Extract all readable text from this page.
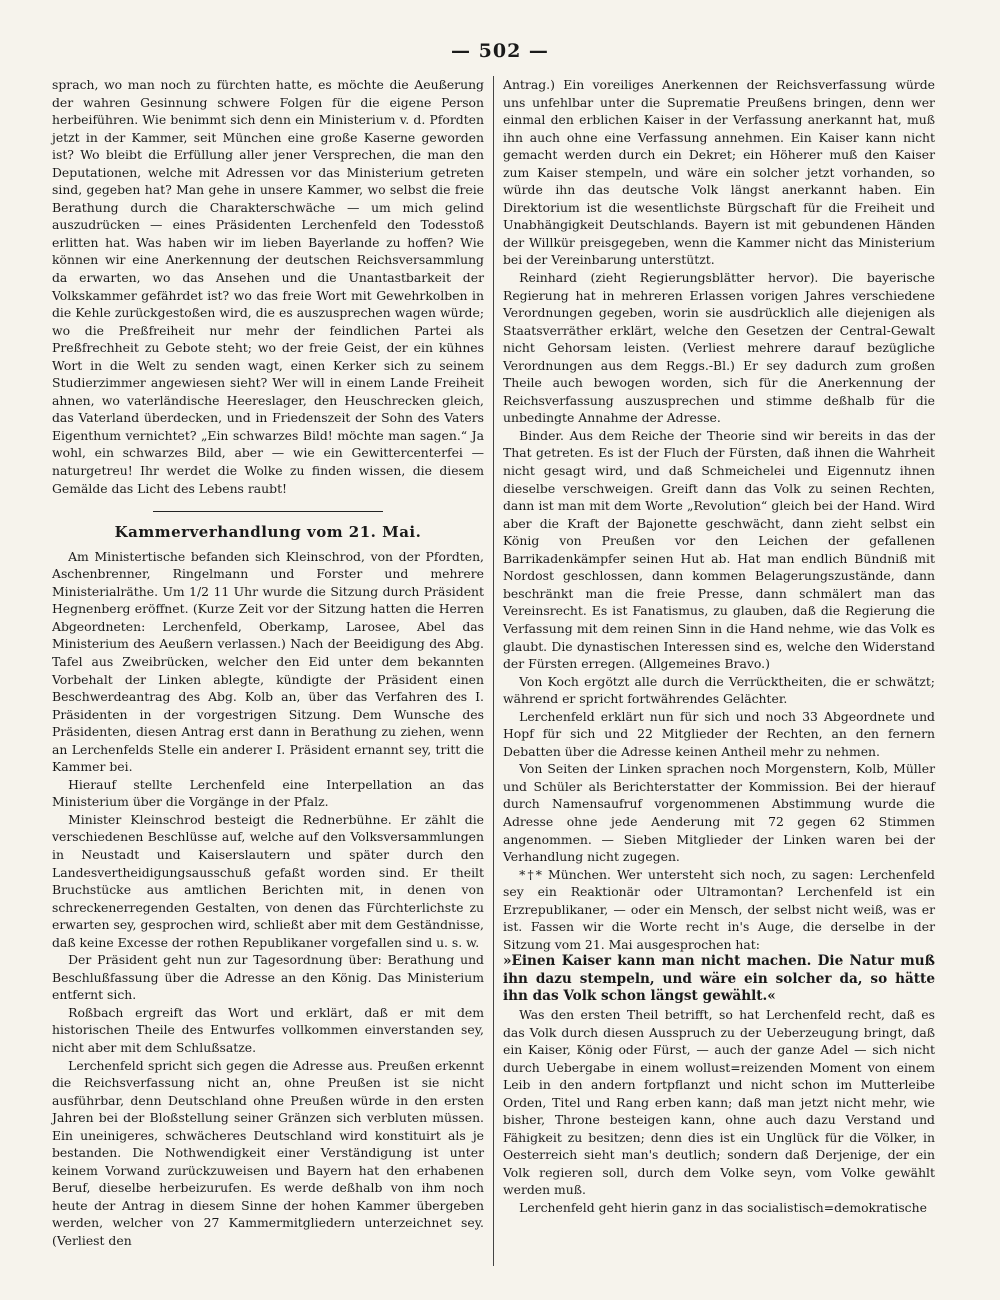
— 502 —

sprach, wo man noch zu fürchten hatte, es möchte die Aeußerung der wahren Gesinnung schwere Folgen für die eigene Person herbeiführen. Wie benimmt sich denn ein Ministerium v. d. Pfordten jetzt in der Kammer, seit München eine große Kaserne geworden ist? Wo bleibt die Erfüllung aller jener Versprechen, die man den Deputationen, welche mit Adressen vor das Ministerium getreten sind, gegeben hat? Man gehe in unsere Kammer, wo selbst die freie Berathung durch die Charakterschwäche — um mich gelind auszudrücken — eines Präsidenten Lerchenfeld den Todesstoß erlitten hat. Was haben wir im lieben Bayerlande zu hoffen? Wie können wir eine Anerkennung der deutschen Reichsversammlung da erwarten, wo das Ansehen und die Unantastbarkeit der Volkskammer gefährdet ist? wo das freie Wort mit Gewehrkolben in die Kehle zurückgestoßen wird, die es auszusprechen wagen würde; wo die Preßfreiheit nur mehr der feindlichen Partei als Preßfrechheit zu Gebote steht; wo der freie Geist, der ein kühnes Wort in die Welt zu senden wagt, einen Kerker sich zu seinem Studierzimmer angewiesen sieht? Wer will in einem Lande Freiheit ahnen, wo vaterländische Heereslager, den Heuschrecken gleich, das Vaterland überdecken, und in Friedenszeit der Sohn des Vaters Eigenthum vernichtet? „Ein schwarzes Bild! möchte man sagen.“ Ja wohl, ein schwarzes Bild, aber — wie ein Gewittercenterfei — naturgetreu! Ihr werdet die Wolke zu finden wissen, die diesem Gemälde das Licht des Lebens raubt!

Kammerverhandlung vom 21. Mai.

Am Ministertische befanden sich Kleinschrod, von der Pfordten, Aschenbrenner, Ringelmann und Forster und mehrere Ministerialräthe. Um 1/2 11 Uhr wurde die Sitzung durch Präsident Hegnenberg eröffnet. (Kurze Zeit vor der Sitzung hatten die Herren Abgeordneten: Lerchenfeld, Oberkamp, Larosee, Abel das Ministerium des Aeußern verlassen.) Nach der Beeidigung des Abg. Tafel aus Zweibrücken, welcher den Eid unter dem bekannten Vorbehalt der Linken ablegte, kündigte der Präsident einen Beschwerdeantrag des Abg. Kolb an, über das Verfahren des I. Präsidenten in der vorgestrigen Sitzung. Dem Wunsche des Präsidenten, diesen Antrag erst dann in Berathung zu ziehen, wenn an Lerchenfelds Stelle ein anderer I. Präsident ernannt sey, tritt die Kammer bei.

Hierauf stellte Lerchenfeld eine Interpellation an das Ministerium über die Vorgänge in der Pfalz.

Minister Kleinschrod besteigt die Rednerbühne. Er zählt die verschiedenen Beschlüsse auf, welche auf den Volksversammlungen in Neustadt und Kaiserslautern und später durch den Landesvertheidigungsausschuß gefaßt worden sind. Er theilt Bruchstücke aus amtlichen Berichten mit, in denen von schreckenerregenden Gestalten, von denen das Fürchterlichste zu erwarten sey, gesprochen wird, schließt aber mit dem Geständnisse, daß keine Excesse der rothen Republikaner vorgefallen sind u. s. w.

Der Präsident geht nun zur Tagesordnung über: Berathung und Beschlußfassung über die Adresse an den König. Das Ministerium entfernt sich.

Roßbach ergreift das Wort und erklärt, daß er mit dem historischen Theile des Entwurfes vollkommen einverstanden sey, nicht aber mit dem Schlußsatze.

Lerchenfeld spricht sich gegen die Adresse aus. Preußen erkennt die Reichsverfassung nicht an, ohne Preußen ist sie nicht ausführbar, denn Deutschland ohne Preußen würde in den ersten Jahren bei der Bloßstellung seiner Gränzen sich verbluten müssen. Ein uneinigeres, schwächeres Deutschland wird konstituirt als je bestanden. Die Nothwendigkeit einer Verständigung ist unter keinem Vorwand zurückzuweisen und Bayern hat den erhabenen Beruf, dieselbe herbeizurufen. Es werde deßhalb von ihm noch heute der Antrag in diesem Sinne der hohen Kammer übergeben werden, welcher von 27 Kammermitgliedern unterzeichnet sey. (Verliest den

Antrag.) Ein voreiliges Anerkennen der Reichsverfassung würde uns unfehlbar unter die Suprematie Preußens bringen, denn wer einmal den erblichen Kaiser in der Verfassung anerkannt hat, muß ihn auch ohne eine Verfassung annehmen. Ein Kaiser kann nicht gemacht werden durch ein Dekret; ein Höherer muß den Kaiser zum Kaiser stempeln, und wäre ein solcher jetzt vorhanden, so würde ihn das deutsche Volk längst anerkannt haben. Ein Direktorium ist die wesentlichste Bürgschaft für die Freiheit und Unabhängigkeit Deutschlands. Bayern ist mit gebundenen Händen der Willkür preisgegeben, wenn die Kammer nicht das Ministerium bei der Vereinbarung unterstützt.

Reinhard (zieht Regierungsblätter hervor). Die bayerische Regierung hat in mehreren Erlassen vorigen Jahres verschiedene Verordnungen gegeben, worin sie ausdrücklich alle diejenigen als Staatsverräther erklärt, welche den Gesetzen der Central-Gewalt nicht Gehorsam leisten. (Verliest mehrere darauf bezügliche Verordnungen aus dem Reggs.-Bl.) Er sey dadurch zum großen Theile auch bewogen worden, sich für die Anerkennung der Reichsverfassung auszusprechen und stimme deßhalb für die unbedingte Annahme der Adresse.

Binder. Aus dem Reiche der Theorie sind wir bereits in das der That getreten. Es ist der Fluch der Fürsten, daß ihnen die Wahrheit nicht gesagt wird, und daß Schmeichelei und Eigennutz ihnen dieselbe verschweigen. Greift dann das Volk zu seinen Rechten, dann ist man mit dem Worte „Revolution“ gleich bei der Hand. Wird aber die Kraft der Bajonette geschwächt, dann zieht selbst ein König von Preußen vor den Leichen der gefallenen Barrikadenkämpfer seinen Hut ab. Hat man endlich Bündniß mit Nordost geschlossen, dann kommen Belagerungszustände, dann beschränkt man die freie Presse, dann schmälert man das Vereinsrecht. Es ist Fanatismus, zu glauben, daß die Regierung die Verfassung mit dem reinen Sinn in die Hand nehme, wie das Volk es glaubt. Die dynastischen Interessen sind es, welche den Widerstand der Fürsten erregen. (Allgemeines Bravo.)

Von Koch ergötzt alle durch die Verrücktheiten, die er schwätzt; während er spricht fortwährendes Gelächter.

Lerchenfeld erklärt nun für sich und noch 33 Abgeordnete und Hopf für sich und 22 Mitglieder der Rechten, an den fernern Debatten über die Adresse keinen Antheil mehr zu nehmen.

Von Seiten der Linken sprachen noch Morgenstern, Kolb, Müller und Schüler als Berichterstatter der Kommission. Bei der hierauf durch Namensaufruf vorgenommenen Abstimmung wurde die Adresse ohne jede Aenderung mit 72 gegen 62 Stimmen angenommen. — Sieben Mitglieder der Linken waren bei der Verhandlung nicht zugegen.

*†* München. Wer untersteht sich noch, zu sagen: Lerchenfeld sey ein Reaktionär oder Ultramontan? Lerchenfeld ist ein Erzrepublikaner, — oder ein Mensch, der selbst nicht weiß, was er ist. Fassen wir die Worte recht in's Auge, die derselbe in der Sitzung vom 21. Mai ausgesprochen hat:

»Einen Kaiser kann man nicht machen. Die Natur muß ihn dazu stempeln, und wäre ein solcher da, so hätte ihn das Volk schon längst gewählt.«

Was den ersten Theil betrifft, so hat Lerchenfeld recht, daß es das Volk durch diesen Ausspruch zu der Ueberzeugung bringt, daß ein Kaiser, König oder Fürst, — auch der ganze Adel — sich nicht durch Uebergabe in einem wollust=reizenden Moment von einem Leib in den andern fortpflanzt und nicht schon im Mutterleibe Orden, Titel und Rang erben kann; daß man jetzt nicht mehr, wie bisher, Throne besteigen kann, ohne auch dazu Verstand und Fähigkeit zu besitzen; denn dies ist ein Unglück für die Völker, in Oesterreich sieht man's deutlich; sondern daß Derjenige, der ein Volk regieren soll, durch dem Volke seyn, vom Volke gewählt werden muß.

Lerchenfeld geht hierin ganz in das socialistisch=demokratische
